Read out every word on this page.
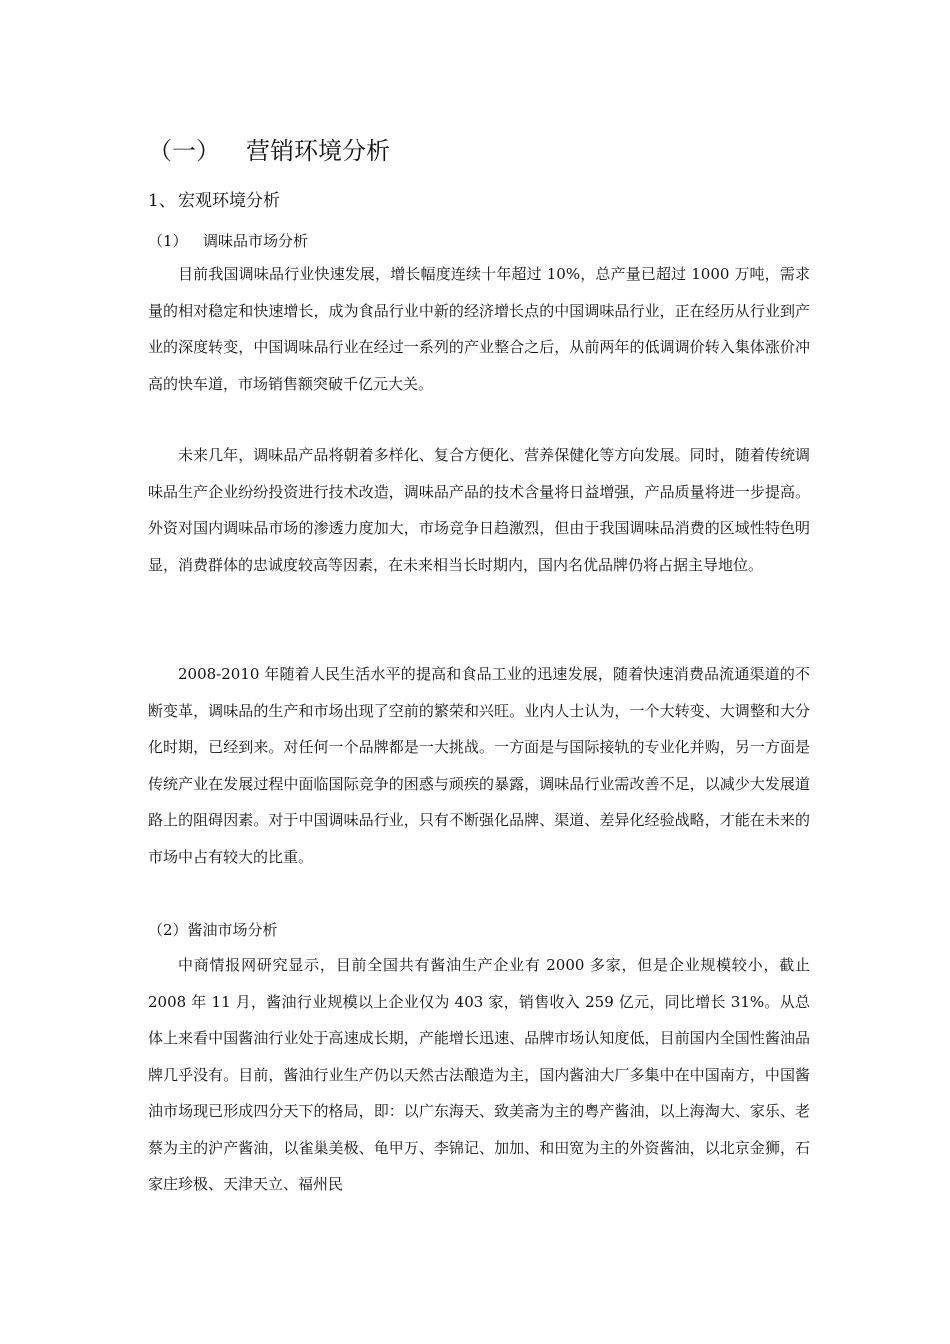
（一） 营销环境分析
1、 宏观环境分析
（1） 调味品市场分析

目前我国调味品行业快速发展，增长幅度连续十年超过 10%，总产量已超过 1000 万吨，需求量的相对稳定和快速增长，成为食品行业中新的经济增长点的中国调味品行业，正在经历从行业到产业的深度转变，中国调味品行业在经过一系列的产业整合之后，从前两年的低调调价转入集体涨价冲高的快车道，市场销售额突破千亿元大关。

未来几年，调味品产品将朝着多样化、复合方便化、营养保健化等方向发展。同时，随着传统调味品生产企业纷纷投资进行技术改造，调味品产品的技术含量将日益增强，产品质量将进一步提高。外资对国内调味品市场的渗透力度加大，市场竞争日趋激烈，但由于我国调味品消费的区域性特色明显，消费群体的忠诚度较高等因素，在未来相当长时期内，国内名优品牌仍将占据主导地位。

2008-2010 年随着人民生活水平的提高和食品工业的迅速发展，随着快速消费品流通渠道的不断变革，调味品的生产和市场出现了空前的繁荣和兴旺。业内人士认为，一个大转变、大调整和大分化时期，已经到来。对任何一个品牌都是一大挑战。一方面是与国际接轨的专业化并购，另一方面是传统产业在发展过程中面临国际竞争的困惑与顽疾的暴露，调味品行业需改善不足，以减少大发展道路上的阻碍因素。对于中国调味品行业，只有不断强化品牌、渠道、差异化经验战略，才能在未来的市场中占有较大的比重。

（2）酱油市场分析

中商情报网研究显示，目前全国共有酱油生产企业有 2000 多家，但是企业规模较小，截止 2008 年 11 月，酱油行业规模以上企业仅为 403 家，销售收入 259 亿元，同比增长 31%。从总体上来看中国酱油行业处于高速成长期，产能增长迅速、品牌市场认知度低，目前国内全国性酱油品牌几乎没有。目前，酱油行业生产仍以天然古法酿造为主，国内酱油大厂多集中在中国南方，中国酱油市场现已形成四分天下的格局，即：以广东海天、致美斋为主的粤产酱油，以上海淘大、家乐、老蔡为主的沪产酱油，以雀巢美极、龟甲万、李锦记、加加、和田宽为主的外资酱油，以北京金狮，石家庄珍极、天津天立、福州民
